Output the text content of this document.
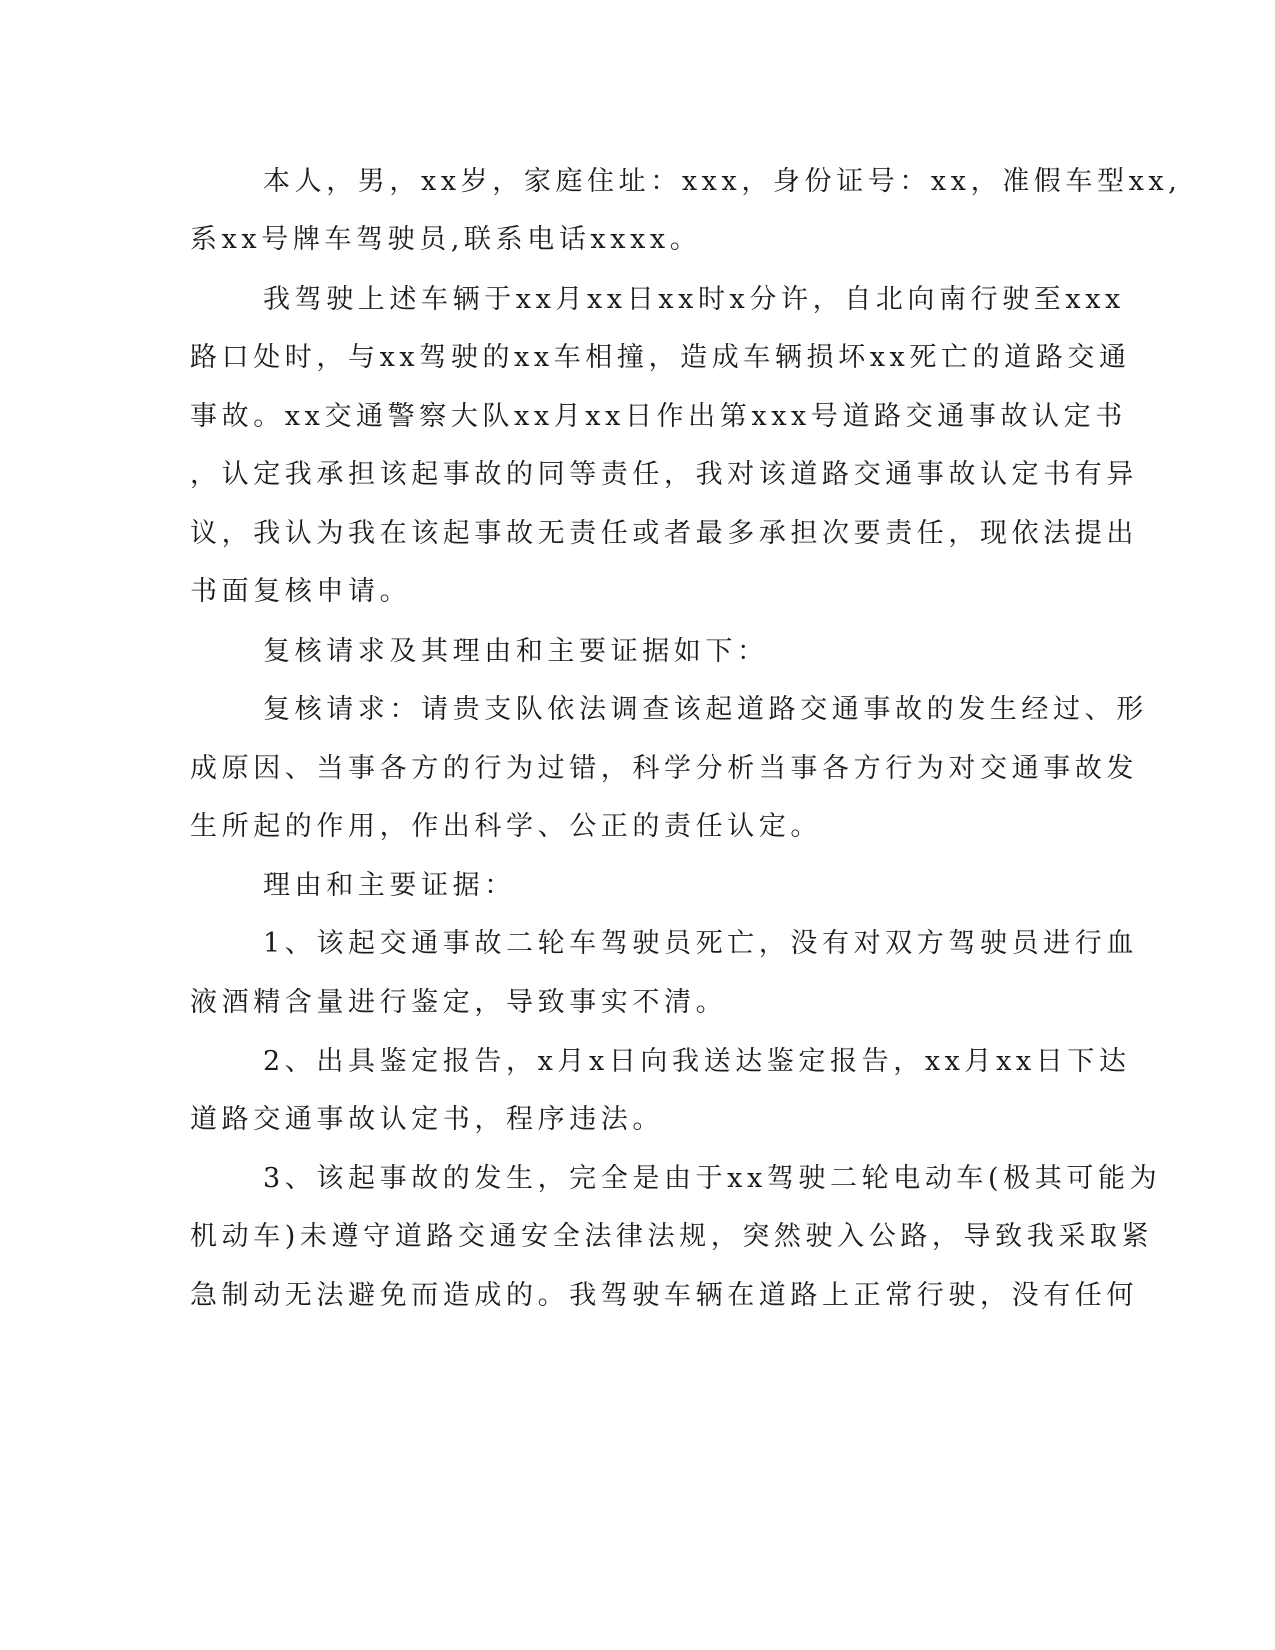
本人，男，xx岁，家庭住址：xxx，身份证号：xx，准假车型xx,
系xx号牌车驾驶员,联系电话xxxx。
我驾驶上述车辆于xx月xx日xx时x分许，自北向南行驶至xxx
路口处时，与xx驾驶的xx车相撞，造成车辆损坏xx死亡的道路交通
事故。xx交通警察大队xx月xx日作出第xxx号道路交通事故认定书
，认定我承担该起事故的同等责任，我对该道路交通事故认定书有异
议，我认为我在该起事故无责任或者最多承担次要责任，现依法提出
书面复核申请。
复核请求及其理由和主要证据如下：
复核请求：请贵支队依法调查该起道路交通事故的发生经过、形
成原因、当事各方的行为过错，科学分析当事各方行为对交通事故发
生所起的作用，作出科学、公正的责任认定。
理由和主要证据：
1、该起交通事故二轮车驾驶员死亡，没有对双方驾驶员进行血
液酒精含量进行鉴定，导致事实不清。
2、出具鉴定报告，x月x日向我送达鉴定报告，xx月xx日下达
道路交通事故认定书，程序违法。
3、该起事故的发生，完全是由于xx驾驶二轮电动车(极其可能为
机动车)未遵守道路交通安全法律法规，突然驶入公路，导致我采取紧
急制动无法避免而造成的。我驾驶车辆在道路上正常行驶，没有任何
